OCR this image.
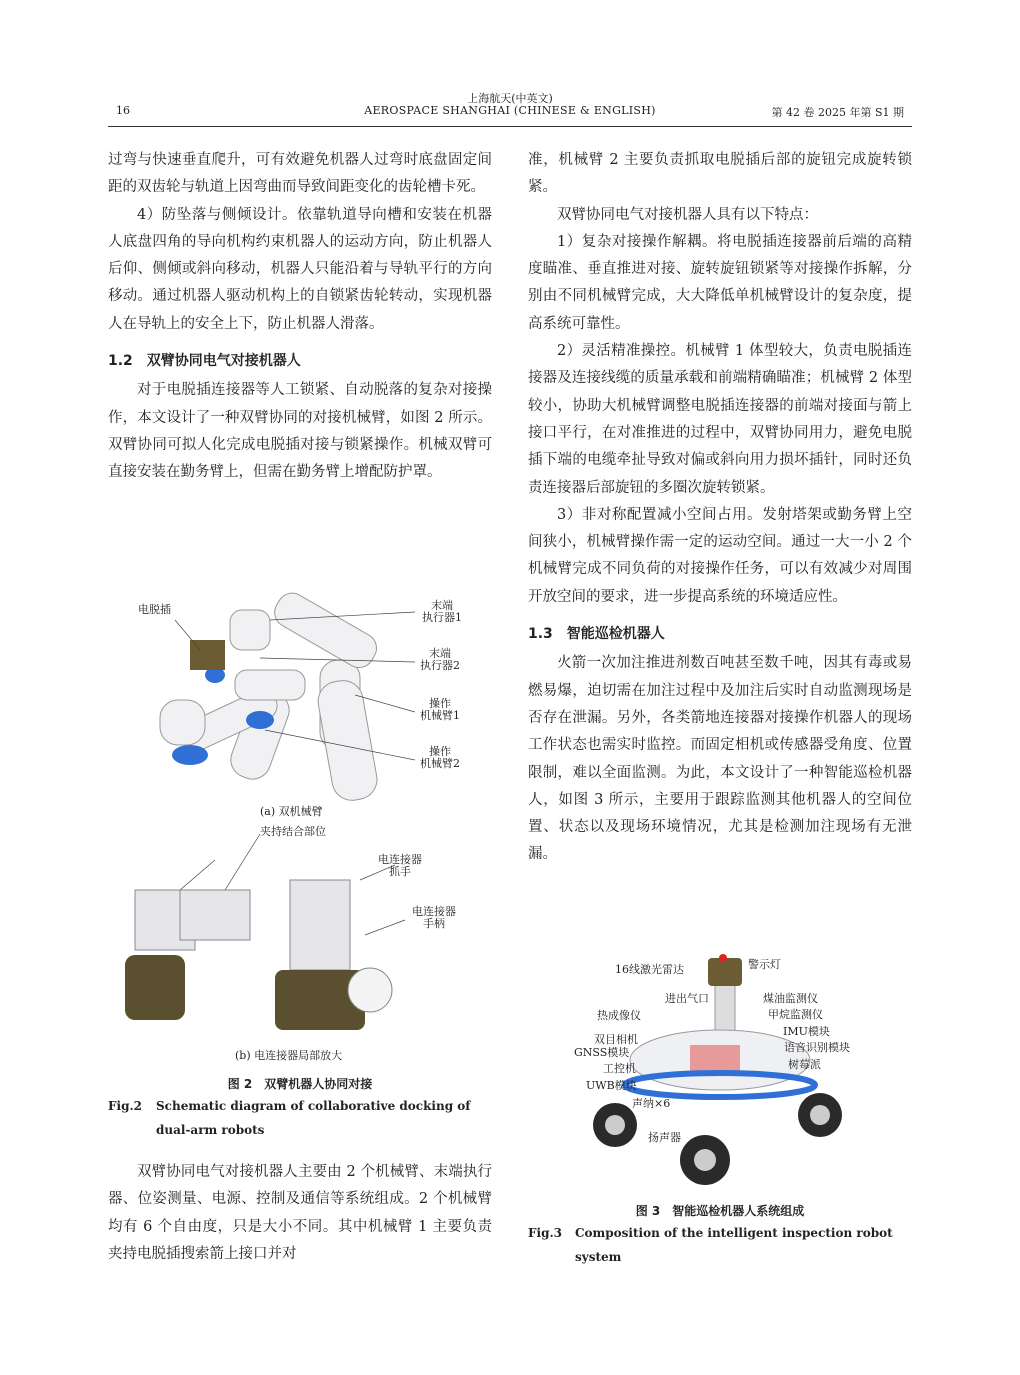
16
上海航天(中英文)
AEROSPACE SHANGHAI (CHINESE & ENGLISH)	第 42 卷 2025 年第 S1 期

过弯与快速垂直爬升，可有效避免机器人过弯时底盘固定间距的双齿轮与轨道上因弯曲而导致间距变化的齿轮槽卡死。

4）防坠落与侧倾设计。依靠轨道导向槽和安装在机器人底盘四角的导向机构约束机器人的运动方向，防止机器人后仰、侧倾或斜向移动，机器人只能沿着与导轨平行的方向移动。通过机器人驱动机构上的自锁紧齿轮转动，实现机器人在导轨上的安全上下，防止机器人滑落。

1.2　双臂协同电气对接机器人

对于电脱插连接器等人工锁紧、自动脱落的复杂对接操作，本文设计了一种双臂协同的对接机械臂，如图 2 所示。双臂协同可拟人化完成电脱插对接与锁紧操作。机械双臂可直接安装在勤务臂上，但需在勤务臂上增配防护罩。

电脱插	末端
执行器1
末端
执行器2
操作
机械臂1
操作
机械臂2
(a) 双机械臂
夹持结合部位
电连接器
抓手
电连接器
手柄
(b) 电连接器局部放大
图 2　双臂机器人协同对接
Fig.2 Schematic diagram of collaborative docking of dual-arm robots

双臂协同电气对接机器人主要由 2 个机械臂、末端执行器、位姿测量、电源、控制及通信等系统组成。2 个机械臂均有 6 个自由度，只是大小不同。其中机械臂 1 主要负责夹持电脱插搜索箭上接口并对

准，机械臂 2 主要负责抓取电脱插后部的旋钮完成旋转锁紧。

双臂协同电气对接机器人具有以下特点：

1）复杂对接操作解耦。将电脱插连接器前后端的高精度瞄准、垂直推进对接、旋转旋钮锁紧等对接操作拆解，分别由不同机械臂完成，大大降低单机械臂设计的复杂度，提高系统可靠性。

2）灵活精准操控。机械臂 1 体型较大，负责电脱插连接器及连接线缆的质量承载和前端精确瞄准；机械臂 2 体型较小，协助大机械臂调整电脱插连接器的前端对接面与箭上接口平行，在对准推进的过程中，双臂协同用力，避免电脱插下端的电缆牵扯导致对偏或斜向用力损坏插针，同时还负责连接器后部旋钮的多圈次旋转锁紧。

3）非对称配置减小空间占用。发射塔架或勤务臂上空间狭小，机械臂操作需一定的运动空间。通过一大一小 2 个机械臂完成不同负荷的对接操作任务，可以有效减少对周围开放空间的要求，进一步提高系统的环境适应性。

1.3　智能巡检机器人

火箭一次加注推进剂数百吨甚至数千吨，因其有毒或易燃易爆，迫切需在加注过程中及加注后实时自动监测现场是否存在泄漏。另外，各类箭地连接器对接操作机器人的现场工作状态也需实时监控。而固定相机或传感器受角度、位置限制，难以全面监测。为此，本文设计了一种智能巡检机器人，如图 3 所示，主要用于跟踪监测其他机器人的空间位置、状态以及现场环境情况，尤其是检测加注现场有无泄漏。

16线激光雷达	警示灯
进出气口	煤油监测仪
甲烷监测仪
热成像仪
IMU模块
双目相机
语音识别模块
GNSS模块
树莓派
工控机
UWB模块
声纳×6
扬声器
图 3　智能巡检机器人系统组成
Fig.3 Composition of the intelligent inspection robot system
